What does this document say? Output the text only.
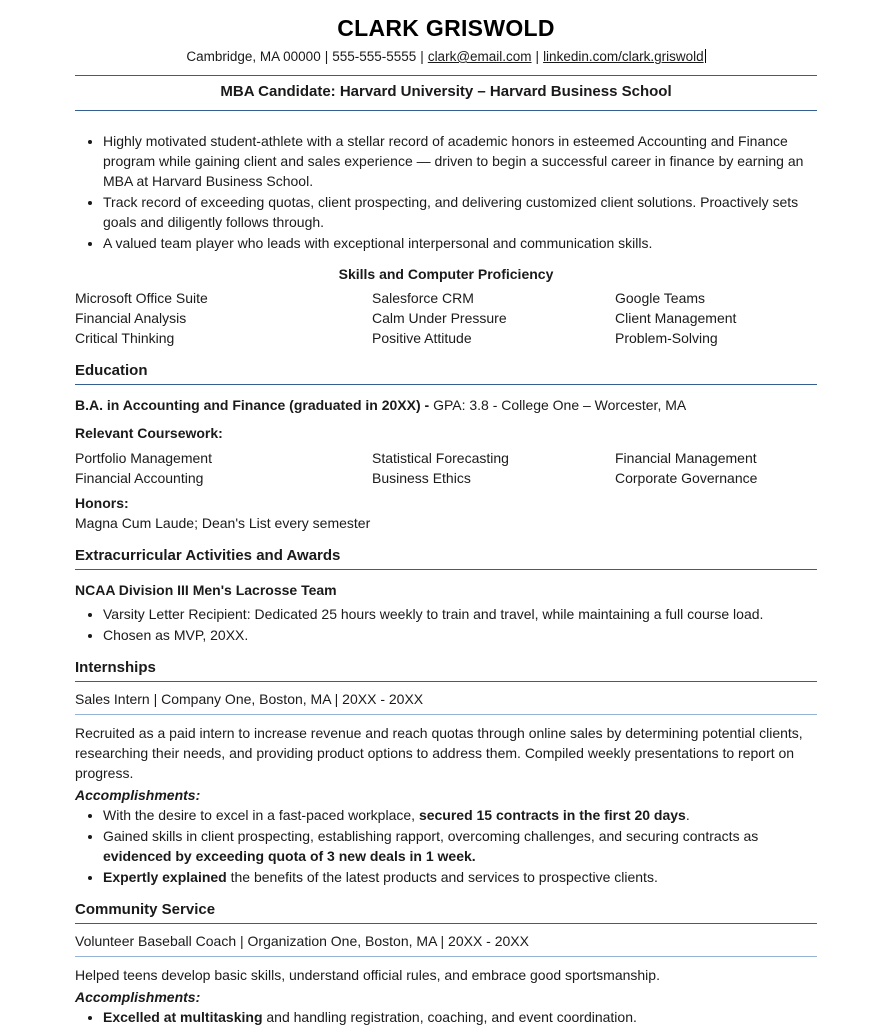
CLARK GRISWOLD
Cambridge, MA 00000 | 555-555-5555 | clark@email.com | linkedin.com/clark.griswold
MBA Candidate: Harvard University – Harvard Business School
• Highly motivated student-athlete with a stellar record of academic honors in esteemed Accounting and Finance program while gaining client and sales experience — driven to begin a successful career in finance by earning an MBA at Harvard Business School.
• Track record of exceeding quotas, client prospecting, and delivering customized client solutions. Proactively sets goals and diligently follows through.
• A valued team player who leads with exceptional interpersonal and communication skills.
Skills and Computer Proficiency
Microsoft Office Suite	Salesforce CRM	Google Teams
Financial Analysis	Calm Under Pressure	Client Management
Critical Thinking	Positive Attitude	Problem-Solving
Education

B.A. in Accounting and Finance (graduated in 20XX) - GPA: 3.8 - College One – Worcester, MA

Relevant Coursework:

Portfolio Management	Statistical Forecasting	Financial Management
Financial Accounting	Business Ethics	Corporate Governance

Honors:

Magna Cum Laude; Dean's List every semester

Extracurricular Activities and Awards

NCAA Division III Men's Lacrosse Team

• Varsity Letter Recipient: Dedicated 25 hours weekly to train and travel, while maintaining a full course load.
• Chosen as MVP, 20XX.
Internships

Sales Intern | Company One, Boston, MA | 20XX - 20XX

Recruited as a paid intern to increase revenue and reach quotas through online sales by determining potential clients, researching their needs, and providing product options to address them. Compiled weekly presentations to report on progress.

Accomplishments:

• With the desire to excel in a fast-paced workplace, secured 15 contracts in the first 20 days.
• Gained skills in client prospecting, establishing rapport, overcoming challenges, and securing contracts as evidenced by exceeding quota of 3 new deals in 1 week.
• Expertly explained the benefits of the latest products and services to prospective clients.
Community Service

Volunteer Baseball Coach | Organization One, Boston, MA | 20XX - 20XX

Helped teens develop basic skills, understand official rules, and embrace good sportsmanship.

Accomplishments:

• Excelled at multitasking and handling registration, coaching, and event coordination.
